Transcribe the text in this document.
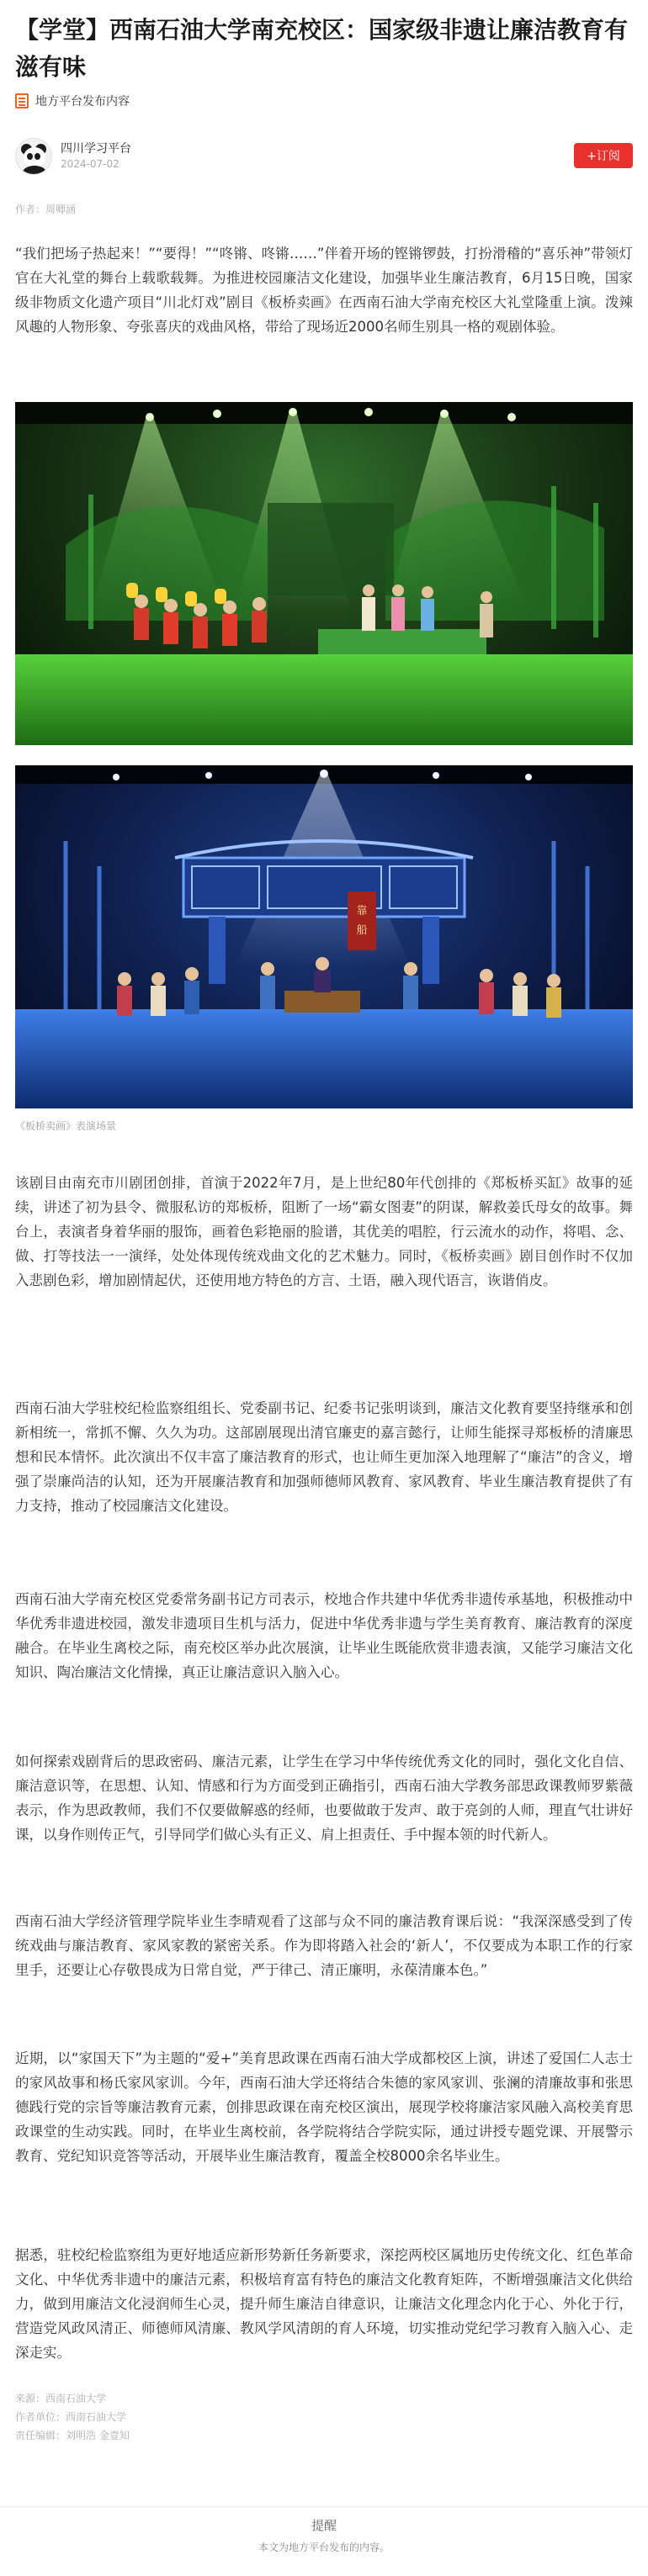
【学堂】西南石油大学南充校区：国家级非遗让廉洁教育有滋有味
地方平台发布内容
四川学习平台
2024-07-02
+订阅
作者：周卿涵

“我们把场子热起来！”“要得！”“咚锵、咚锵……”伴着开场的铿锵锣鼓，打扮滑稽的“喜乐神”带领灯官在大礼堂的舞台上载歌载舞。为推进校园廉洁文化建设，加强毕业生廉洁教育，6月15日晚，国家级非物质文化遗产项目“川北灯戏”剧目《板桥卖画》在西南石油大学南充校区大礼堂隆重上演。泼辣风趣的人物形象、夸张喜庆的戏曲风格，带给了现场近2000名师生别具一格的观剧体验。

靠
船
《板桥卖画》表演场景

该剧目由南充市川剧团创排，首演于2022年7月，是上世纪80年代创排的《郑板桥买缸》故事的延续，讲述了初为县令、微服私访的郑板桥，阻断了一场“霸女图妻”的阴谋，解救姜氏母女的故事。舞台上，表演者身着华丽的服饰，画着色彩艳丽的脸谱，其优美的唱腔，行云流水的动作，将唱、念、做、打等技法一一演绎，处处体现传统戏曲文化的艺术魅力。同时，《板桥卖画》剧目创作时不仅加入悲剧色彩，增加剧情起伏，还使用地方特色的方言、土语，融入现代语言，诙谐俏皮。

西南石油大学驻校纪检监察组组长、党委副书记、纪委书记张明谈到，廉洁文化教育要坚持继承和创新相统一，常抓不懈、久久为功。这部剧展现出清官廉吏的嘉言懿行，让师生能探寻郑板桥的清廉思想和民本情怀。此次演出不仅丰富了廉洁教育的形式，也让师生更加深入地理解了“廉洁”的含义，增强了崇廉尚洁的认知，还为开展廉洁教育和加强师德师风教育、家风教育、毕业生廉洁教育提供了有力支持，推动了校园廉洁文化建设。

西南石油大学南充校区党委常务副书记方司表示，校地合作共建中华优秀非遗传承基地，积极推动中华优秀非遗进校园，激发非遗项目生机与活力，促进中华优秀非遗与学生美育教育、廉洁教育的深度融合。在毕业生离校之际，南充校区举办此次展演，让毕业生既能欣赏非遗表演，又能学习廉洁文化知识、陶冶廉洁文化情操，真正让廉洁意识入脑入心。

如何探索戏剧背后的思政密码、廉洁元素，让学生在学习中华传统优秀文化的同时，强化文化自信、廉洁意识等，在思想、认知、情感和行为方面受到正确指引，西南石油大学教务部思政课教师罗紫薇表示，作为思政教师，我们不仅要做解惑的经师，也要做敢于发声、敢于亮剑的人师，理直气壮讲好课，以身作则传正气，引导同学们做心头有正义、肩上担责任、手中握本领的时代新人。

西南石油大学经济管理学院毕业生李晴观看了这部与众不同的廉洁教育课后说：“我深深感受到了传统戏曲与廉洁教育、家风家教的紧密关系。作为即将踏入社会的‘新人’，不仅要成为本职工作的行家里手，还要让心存敬畏成为日常自觉，严于律己、清正廉明，永葆清廉本色。”

近期，以“家国天下”为主题的“爱+”美育思政课在西南石油大学成都校区上演，讲述了爱国仁人志士的家风故事和杨氏家风家训。今年，西南石油大学还将结合朱德的家风家训、张澜的清廉故事和张思德践行党的宗旨等廉洁教育元素，创排思政课在南充校区演出，展现学校将廉洁家风融入高校美育思政课堂的生动实践。同时，在毕业生离校前，各学院将结合学院实际，通过讲授专题党课、开展警示教育、党纪知识竞答等活动，开展毕业生廉洁教育，覆盖全校8000余名毕业生。

据悉，驻校纪检监察组为更好地适应新形势新任务新要求，深挖两校区属地历史传统文化、红色革命文化、中华优秀非遗中的廉洁元素，积极培育富有特色的廉洁文化教育矩阵，不断增强廉洁文化供给力，做到用廉洁文化浸润师生心灵，提升师生廉洁自律意识，让廉洁文化理念内化于心、外化于行，营造党风政风清正、师德师风清廉、教风学风清朗的育人环境，切实推动党纪学习教育入脑入心、走深走实。

来源：西南石油大学
作者单位：西南石油大学
责任编辑：刘明浩 金壹知
提醒
本文为地方平台发布的内容。
